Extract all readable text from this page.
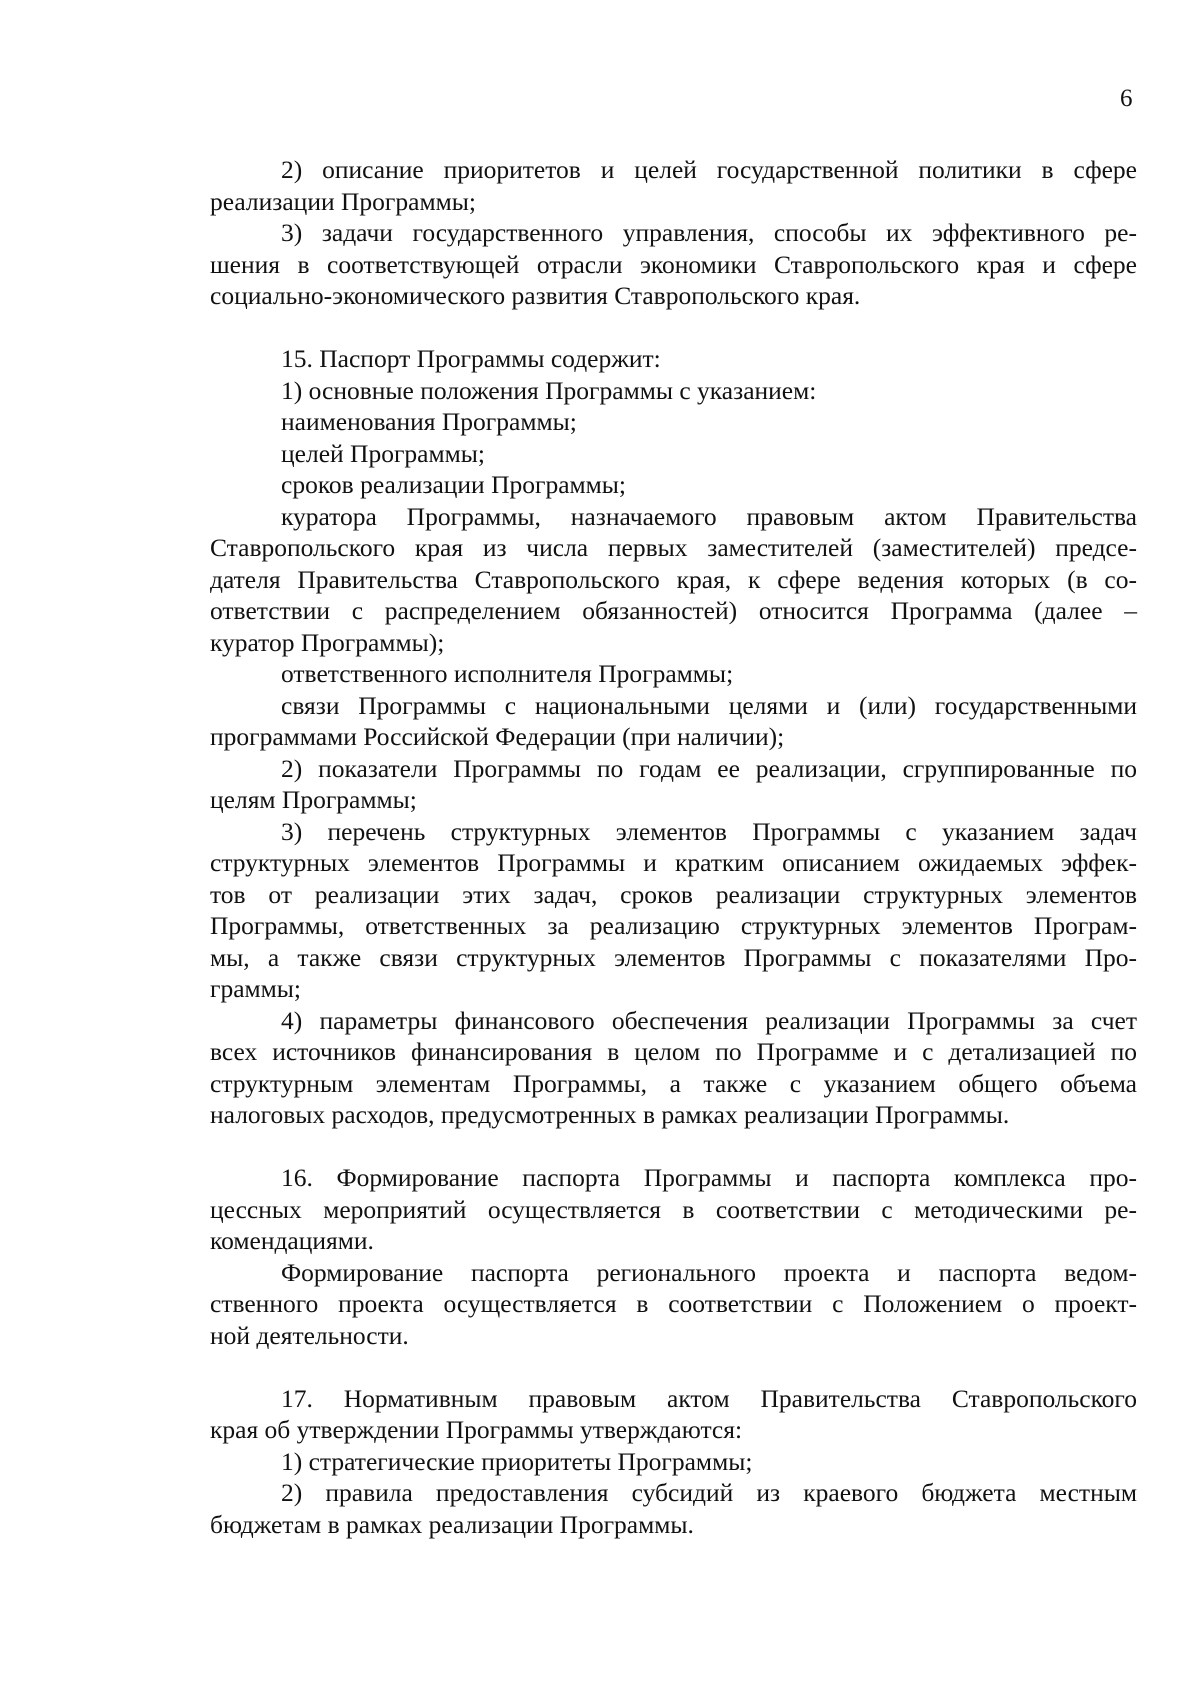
6
2) описание приоритетов и целей государственной политики в сфере
реализации Программы;
3) задачи государственного управления, способы их эффективного ре-
шения в соответствующей отрасли экономики Ставропольского края и сфере
социально-экономического развития Ставропольского края.
15. Паспорт Программы содержит:
1) основные положения Программы с указанием:
наименования Программы;
целей Программы;
сроков реализации Программы;
куратора Программы, назначаемого правовым актом Правительства
Ставропольского края из числа первых заместителей (заместителей) предсе-
дателя Правительства Ставропольского края, к сфере ведения которых (в со-
ответствии с распределением обязанностей) относится Программа (далее –
куратор Программы);
ответственного исполнителя Программы;
связи Программы с национальными целями и (или) государственными
программами Российской Федерации (при наличии);
2) показатели Программы по годам ее реализации, сгруппированные по
целям Программы;
3) перечень структурных элементов Программы с указанием задач
структурных элементов Программы и кратким описанием ожидаемых эффек-
тов от реализации этих задач, сроков реализации структурных элементов
Программы, ответственных за реализацию структурных элементов Програм-
мы, а также связи структурных элементов Программы с показателями Про-
граммы;
4) параметры финансового обеспечения реализации Программы за счет
всех источников финансирования в целом по Программе и с детализацией по
структурным элементам Программы, а также с указанием общего объема
налоговых расходов, предусмотренных в рамках реализации Программы.
16. Формирование паспорта Программы и паспорта комплекса про-
цессных мероприятий осуществляется в соответствии с методическими ре-
комендациями.
Формирование паспорта регионального проекта и паспорта ведом-
ственного проекта осуществляется в соответствии с Положением о проект-
ной деятельности.
17. Нормативным правовым актом Правительства Ставропольского
края об утверждении Программы утверждаются:
1) стратегические приоритеты Программы;
2) правила предоставления субсидий из краевого бюджета местным
бюджетам в рамках реализации Программы.
